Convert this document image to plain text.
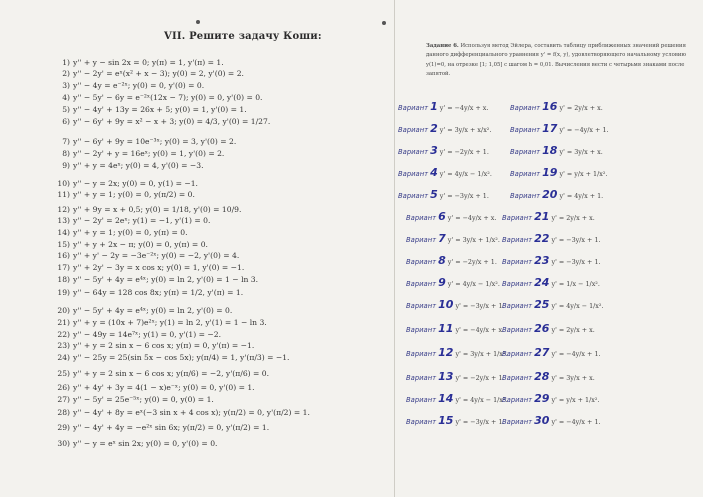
VII. Решите задачу Коши:
1) y'' + y − sin 2x = 0; y(π) = 1, y'(π) = 1.
2) y'' − 2y' = eˣ(x² + x − 3); y(0) = 2, y'(0) = 2.
3) y'' − 4y = e⁻²ˣ; y(0) = 0, y'(0) = 0.
4) y'' − 5y' − 6y = e⁻²ˣ(12x − 7); y(0) = 0, y'(0) = 0.
5) y'' − 4y' + 13y = 26x + 5; y(0) = 1, y'(0) = 1.
6) y'' − 6y' + 9y = x² − x + 3; y(0) = 4/3, y'(0) = 1/27.
7) y'' − 6y' + 9y = 10e⁻³ˣ; y(0) = 3, y'(0) = 2.
8) y'' − 2y' + y = 16eˣ; y(0) = 1, y'(0) = 2.
9) y'' + y = 4eˣ; y(0) = 4, y'(0) = −3.
10) y'' − y = 2x; y(0) = 0, y(1) = −1.
11) y'' + y = 1; y(0) = 0, y(π/2) = 0.
12) y'' + 9y = x + 0,5; y(0) = 1/18, y'(0) = 10/9.
13) y'' − 2y' = 2eˣ; y(1) = −1, y'(1) = 0.
14) y'' + y = 1; y(0) = 0, y(π) = 0.
15) y'' + y + 2x − π; y(0) = 0, y(π) = 0.
16) y'' + y' − 2y = −3e⁻²ˣ; y(0) = −2, y'(0) = 4.
17) y'' + 2y' − 3y = x cos x; y(0) = 1, y'(0) = −1.
18) y'' − 5y' + 4y = e⁴ˣ; y(0) = ln 2, y'(0) = 1 − ln 3.
19) y'' − 64y = 128 cos 8x; y(π) = 1/2, y'(π) = 1.
20) y'' − 5y' + 4y = e⁴ˣ; y(0) = ln 2, y'(0) = 0.
21) y'' + y = (10x + 7)e²ˣ; y(1) = ln 2, y'(1) = 1 − ln 3.
22) y'' − 49y = 14e⁷ˣ; y(1) = 0, y'(1) = −2.
23) y'' + y = 2 sin x − 6 cos x; y(π) = 0, y'(π) = −1.
24) y'' − 25y = 25(sin 5x − cos 5x); y(π/4) = 1, y'(π/3) = −1.
25) y'' + y = 2 sin x − 6 cos x; y(π/6) = −2, y'(π/6) = 0.
26) y'' + 4y' + 3y = 4(1 − x)e⁻ˣ; y(0) = 0, y'(0) = 1.
27) y'' − 5y' = 25e⁻⁵ˣ; y(0) = 0, y(0) = 1.
28) y'' − 4y' + 8y = eˣ(−3 sin x + 4 cos x); y(π/2) = 0, y'(π/2) = 1.
29) y'' − 4y' + 4y = −e²ˣ sin 6x; y(π/2) = 0, y'(π/2) = 1.
30) y'' − y = eˣ sin 2x; y(0) = 0, y'(0) = 0.
Задание 6. Используя метод Эйлера, составить таблицу приближенных значений решения данного дифференциального уравнения y' = f(x, y), удовлетворяющего начальному условию y(1)=0, на отрезке [1; 1,05] с шагом h = 0,01. Вычисления вести с четырьмя знаками после запятой.
Вариант 1 y' = −4y/x + x.
Вариант 2 y' = 3y/x + x/x².
Вариант 3 y' = −2y/x + 1.
Вариант 4 y' = 4y/x − 1/x².
Вариант 5 y' = −3y/x + 1.
Вариант 6 y' = −4y/x + x.
Вариант 7 y' = 3y/x + 1/x².
Вариант 8 y' = −2y/x + 1.
Вариант 9 y' = 4y/x − 1/x².
Вариант 10 y' = −3y/x + 1.
Вариант 11 y' = −4y/x + x.
Вариант 12 y' = 3y/x + 1/x².
Вариант 13 y' = −2y/x + 1.
Вариант 14 y' = 4y/x − 1/x².
Вариант 15 y' = −3y/x + 1.
Вариант 16 y' = 2y/x + x.
Вариант 17 y' = −4y/x + 1.
Вариант 18 y' = 3y/x + x.
Вариант 19 y' = y/x + 1/x².
Вариант 20 y' = 4y/x + 1.
Вариант 21 y' = 2y/x + x.
Вариант 22 y' = −3y/x + 1.
Вариант 23 y' = −3y/x + 1.
Вариант 24 y' = 1/x − 1/x².
Вариант 25 y' = 4y/x − 1/x².
Вариант 26 y' = 2y/x + x.
Вариант 27 y' = −4y/x + 1.
Вариант 28 y' = 3y/x + x.
Вариант 29 y' = y/x + 1/x².
Вариант 30 y' = −4y/x + 1.
